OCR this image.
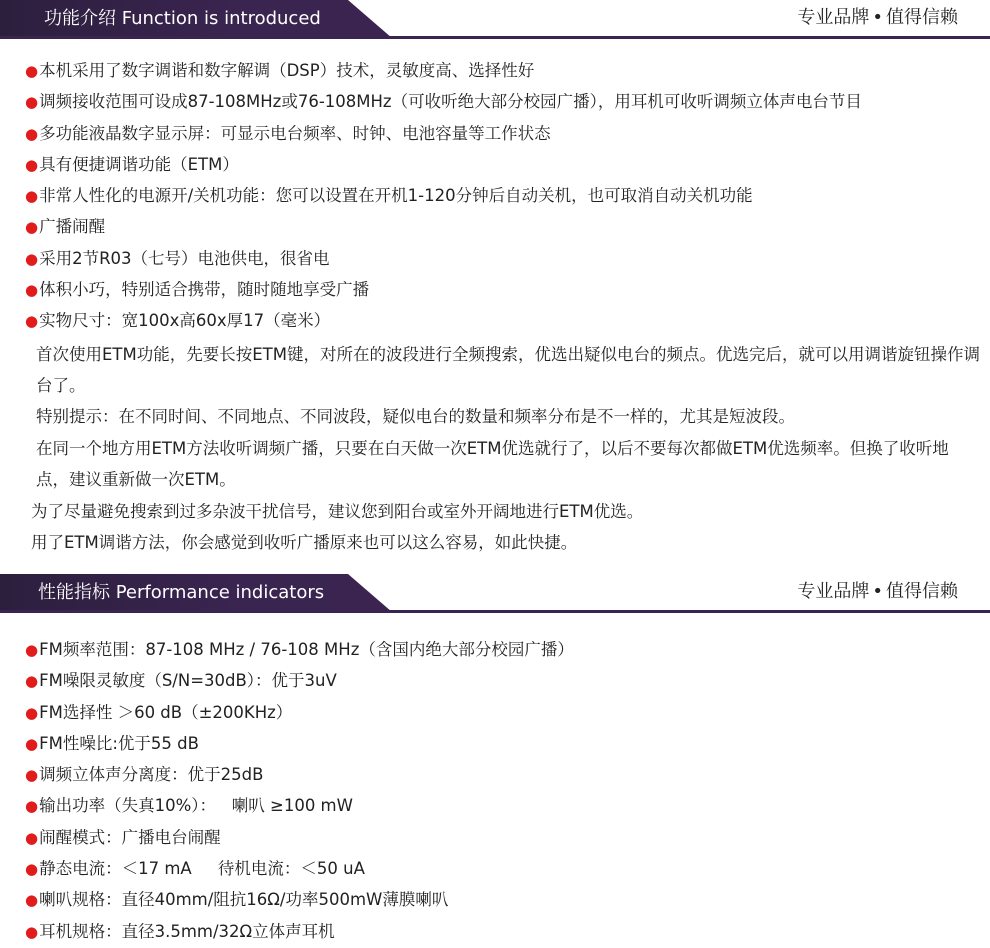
功能介绍 Function is introduced	专业品牌 • 值得信赖
●本机采用了数字调谐和数字解调（DSP）技术，灵敏度高、选择性好
●调频接收范围可设成87-108MHz或76-108MHz（可收听绝大部分校园广播），用耳机可收听调频立体声电台节目
●多功能液晶数字显示屏：可显示电台频率、时钟、电池容量等工作状态
●具有便捷调谐功能（ETM）
●非常人性化的电源开/关机功能：您可以设置在开机1-120分钟后自动关机，也可取消自动关机功能
●广播闹醒
●采用2节R03（七号）电池供电，很省电
●体积小巧，特别适合携带，随时随地享受广播
●实物尺寸：宽100x高60x厚17（毫米）
首次使用ETM功能，先要长按ETM键，对所在的波段进行全频搜索，优选出疑似电台的频点。优选完后，就可以用调谐旋钮操作调台了。
特别提示：在不同时间、不同地点、不同波段，疑似电台的数量和频率分布是不一样的，尤其是短波段。
在同一个地方用ETM方法收听调频广播，只要在白天做一次ETM优选就行了，以后不要每次都做ETM优选频率。但换了收听地点，建议重新做一次ETM。
为了尽量避免搜索到过多杂波干扰信号，建议您到阳台或室外开阔地进行ETM优选。
用了ETM调谐方法，你会感觉到收听广播原来也可以这么容易，如此快捷。
性能指标 Performance indicators	专业品牌 • 值得信赖
●FM频率范围：87-108 MHz / 76-108 MHz（含国内绝大部分校园广播）
●FM噪限灵敏度（S/N=30dB）：优于3uV
●FM选择性 ＞60 dB（±200KHz）
●FM性噪比:优于55 dB
●调频立体声分离度：优于25dB
●输出功率（失真10%）：   喇叭 ≥100 mW
●闹醒模式：广播电台闹醒
●静态电流：＜17 mA     待机电流：＜50 uA
●喇叭规格：直径40mm/阻抗16Ω/功率500mW薄膜喇叭
●耳机规格：直径3.5mm/32Ω立体声耳机
